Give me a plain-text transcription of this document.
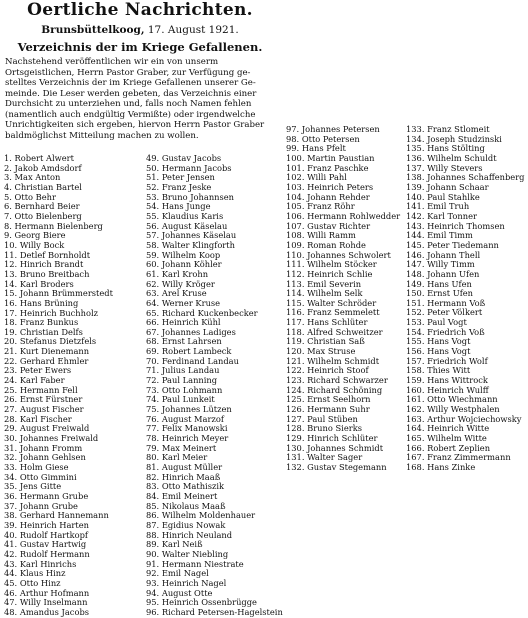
Oertliche Nachrichten.
Brunsbüttelkoog, 17. August 1921.
Verzeichnis der im Kriege Gefallenen.
Nachstehend veröffentlichen wir ein von unserm
Ortsgeistlichen, Herrn Pastor Graber, zur Verfügung ge-
stelltes Verzeichnis der im Kriege Gefallenen unserer Ge-
meinde. Die Leser werden gebeten, das Verzeichnis einer
Durchsicht zu unterziehen und, falls noch Namen fehlen
(namentlich auch endgültig Vermißte) oder irgendwelche
Unrichtigkeiten sich ergeben, hiervon Herrn Pastor Graber
baldmöglichst Mitteilung machen zu wollen.
1. Robert Alwert
2. Jakob Amdsdorf
3. Max Anton
4. Christian Bartel
5. Otto Behr
6. Bernhard Beier
7. Otto Bielenberg
8. Hermann Bielenberg
9. Georg Biere
10. Willy Bock
11. Detlef Bornholdt
12. Hinrich Brandt
13. Bruno Breitbach
14. Karl Broders
15. Johann Brümmerstedt
16. Hans Brüning
17. Heinrich Buchholz
18. Franz Bunkus
19. Christian Delfs
20. Stefanus Dietzfels
21. Kurt Dienemann
22. Gerhard Ehmler
23. Peter Ewers
24. Karl Faber
25. Hermann Fell
26. Ernst Fürstner
27. August Fischer
28. Karl Fischer
29. August Freiwald
30. Johannes Freiwald
31. Johann Fromm
32. Johann Gehlsen
33. Holm Giese
34. Otto Gimmini
35. Jens Gitte
36. Hermann Grube
37. Johann Grube
38. Gerhard Hannemann
39. Heinrich Harten
40. Rudolf Hartkopf
41. Gustav Hartwig
42. Rudolf Hermann
43. Karl Hinrichs
44. Klaus Hinz
45. Otto Hinz
46. Arthur Hofmann
47. Willy Inselmann
48. Amandus Jacobs
49. Gustav Jacobs
50. Hermann Jacobs
51. Peter Jensen
52. Franz Jeske
53. Bruno Johannsen
54. Hans Junge
55. Klaudius Karis
56. August Käselau
57. Johannes Käselau
58. Walter Klingforth
59. Wilhelm Koop
60. Johann Köhler
61. Karl Krohn
62. Willy Kröger
63. Arel Kruse
64. Werner Kruse
65. Richard Kuckenbecker
66. Heinrich Kühl
67. Johannes Ladiges
68. Ernst Lahrsen
69. Robert Lambeck
70. Ferdinand Landau
71. Julius Landau
72. Paul Lanning
73. Otto Lohmann
74. Paul Lunkeit
75. Johannes Lützen
76. August Marzof
77. Felix Manowski
78. Heinrich Meyer
79. Max Meinert
80. Karl Meier
81. August Müller
82. Hinrich Maaß
83. Otto Mathiszik
84. Emil Meinert
85. Nikolaus Maaß
86. Wilhelm Moldenhauer
87. Egidius Nowak
88. Hinrich Neuland
89. Karl Neiß
90. Walter Niebling
91. Hermann Niestrate
92. Emil Nagel
93. Heinrich Nagel
94. August Otte
95. Heinrich Ossenbrügge
96. Richard Petersen-Hagelstein
97. Johannes Petersen
98. Otto Petersen
99. Hans Pfelt
100. Martin Paustian
101. Franz Paschke
102. Willi Pahl
103. Heinrich Peters
104. Johann Rehder
105. Franz Röhr
106. Hermann Rohlwedder
107. Gustav Richter
108. Willi Ramm
109. Roman Rohde
110. Johannes Schwolert
111. Wilhelm Stöcker
112. Heinrich Schlie
113. Emil Severin
114. Wilhelm Selk
115. Walter Schröder
116. Franz Semmelett
117. Hans Schlüter
118. Alfred Schweitzer
119. Christian Saß
120. Max Struse
121. Wilhelm Schmidt
122. Heinrich Stoof
123. Richard Schwarzer
124. Richard Schöning
125. Ernst Seelhorn
126. Hermann Suhr
127. Paul Stüben
128. Bruno Sierks
129. Hinrich Schlüter
130. Johannes Schmidt
131. Walter Sager
132. Gustav Stegemann
133. Franz Stlomeit
134. Joseph Studzinski
135. Hans Stölting
136. Wilhelm Schuldt
137. Willy Stevers
138. Johannes Schaffenberg
139. Johann Schaar
140. Paul Stahlke
141. Emil Truh
142. Karl Tonner
143. Heinrich Thomsen
144. Emil Timm
145. Peter Tiedemann
146. Johann Thell
147. Willy Timm
148. Johann Ufen
149. Hans Ufen
150. Ernst Ufen
151. Hermann Voß
152. Peter Völkert
153. Paul Vogt
154. Friedrich Voß
155. Hans Vogt
156. Hans Vogt
157. Friedrich Wolf
158. Thies Witt
159. Hans Wittrock
160. Heinrich Wulff
161. Otto Wiechmann
162. Willy Westphalen
163. Arthur Wojciechowsky
164. Heinrich Witte
165. Wilhelm Witte
166. Robert Zeplien
167. Franz Zimmermann
168. Hans Zinke
